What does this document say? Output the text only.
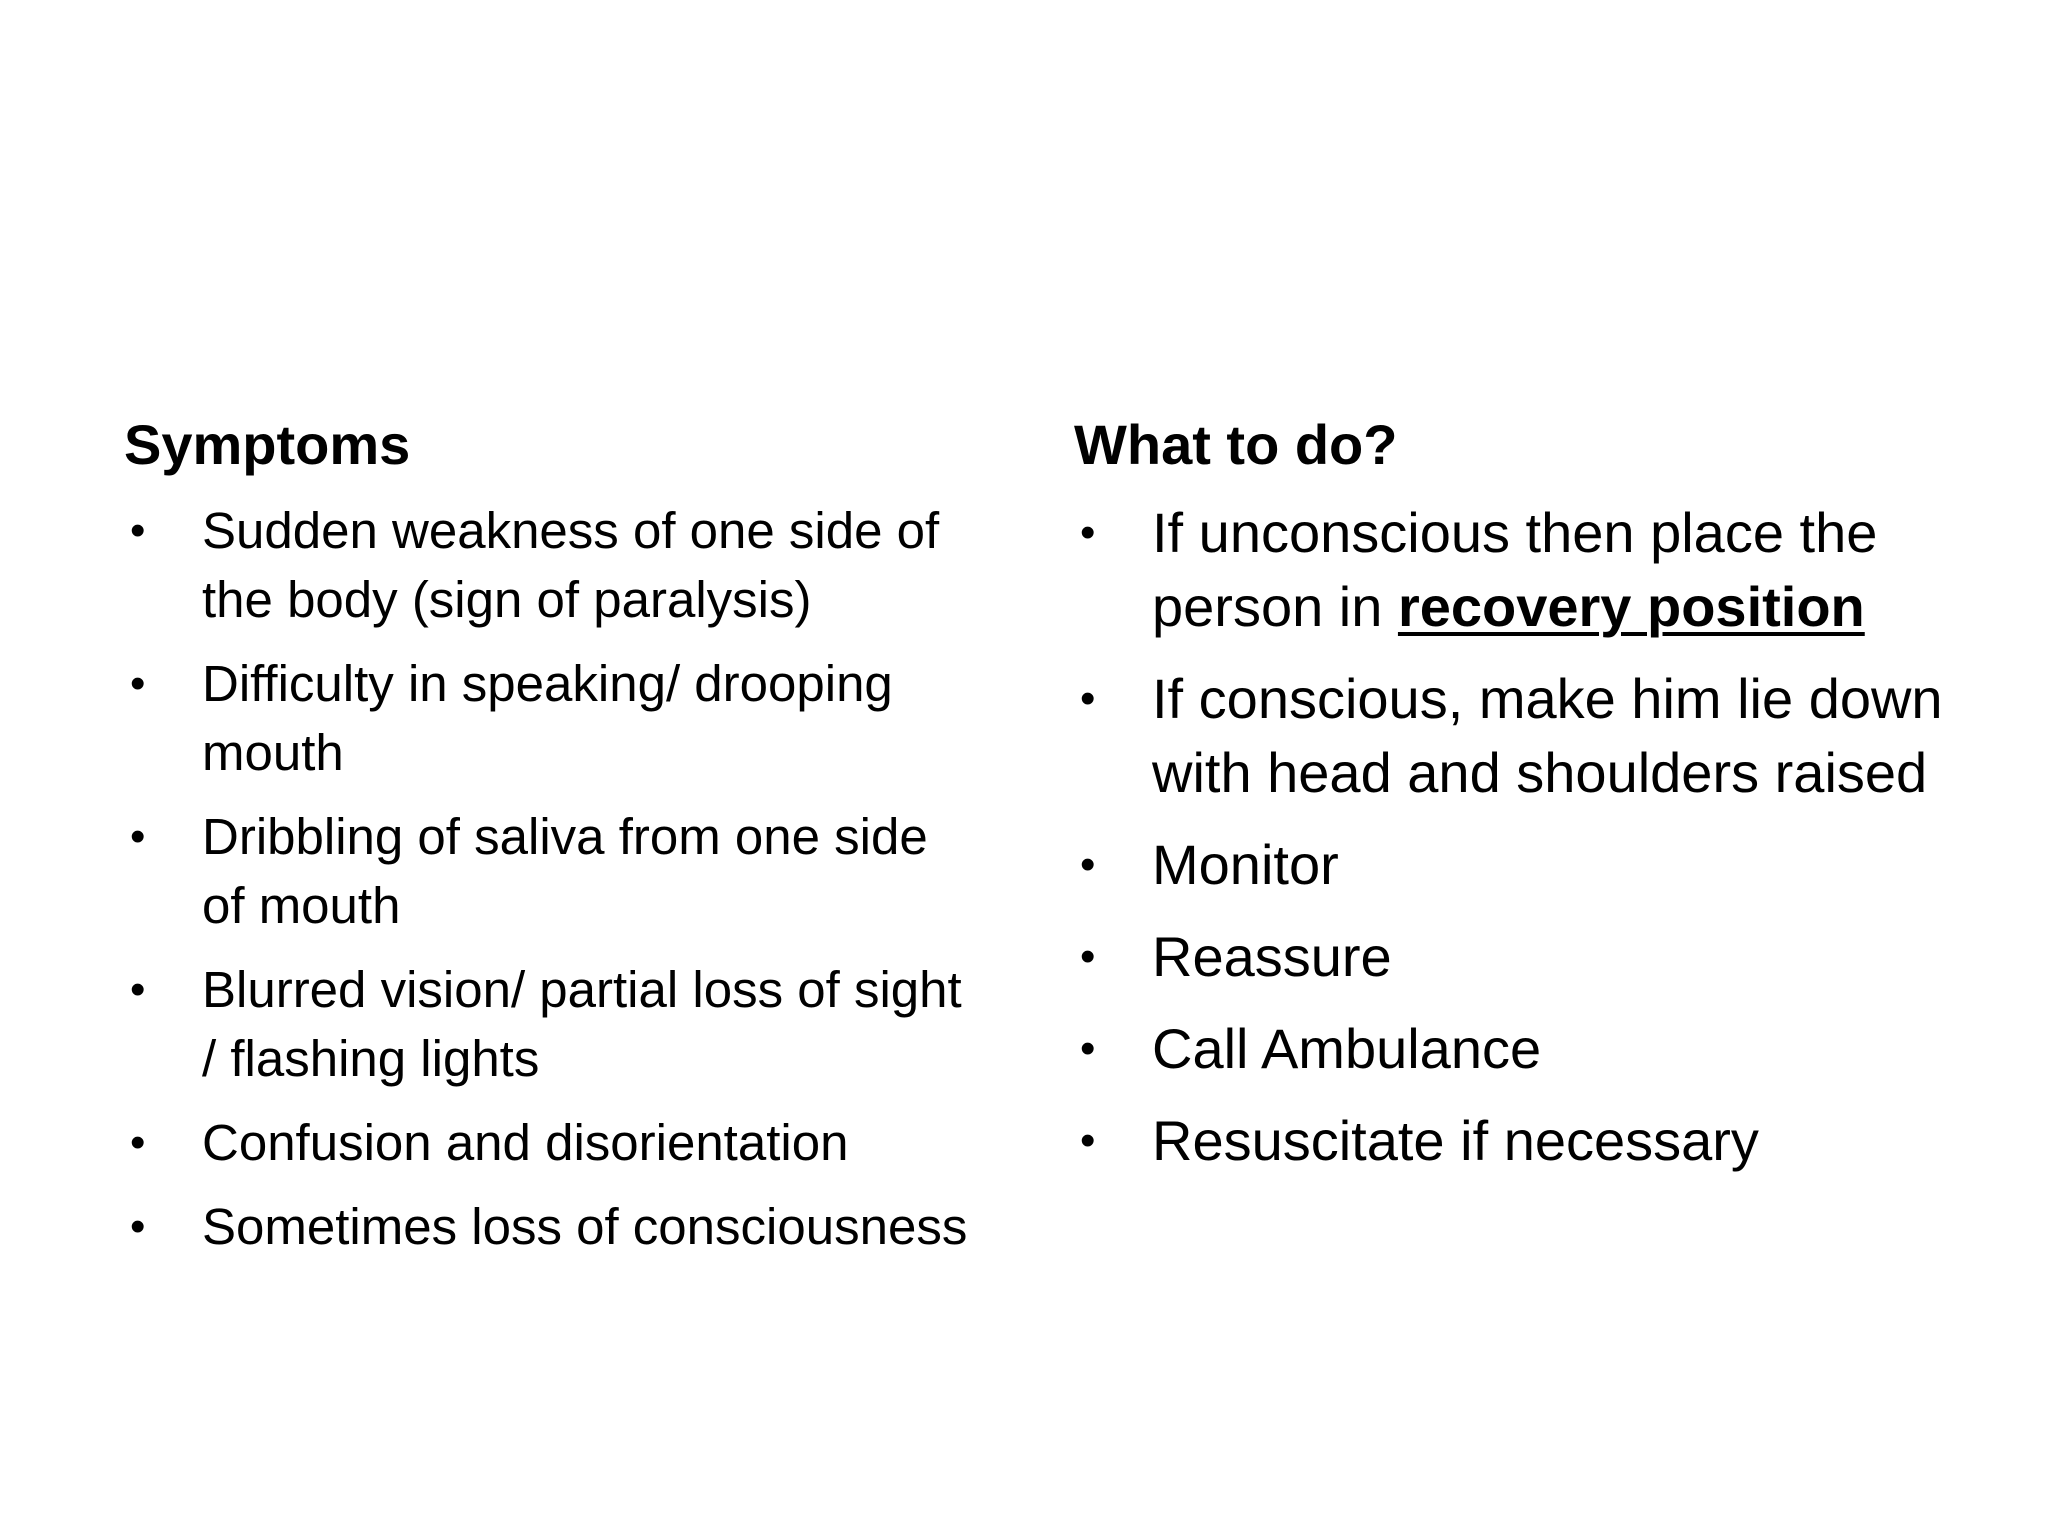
Symptoms
• Sudden weakness of one side of the body (sign of paralysis)
• Difficulty in speaking/ drooping mouth
• Dribbling of saliva from one side of mouth
• Blurred vision/ partial loss of sight / flashing lights
• Confusion and disorientation
• Sometimes loss of consciousness
What to do?
• If unconscious then place the person in recovery position
• If conscious, make him lie down with head and shoulders raised
• Monitor
• Reassure
• Call Ambulance
• Resuscitate if necessary
